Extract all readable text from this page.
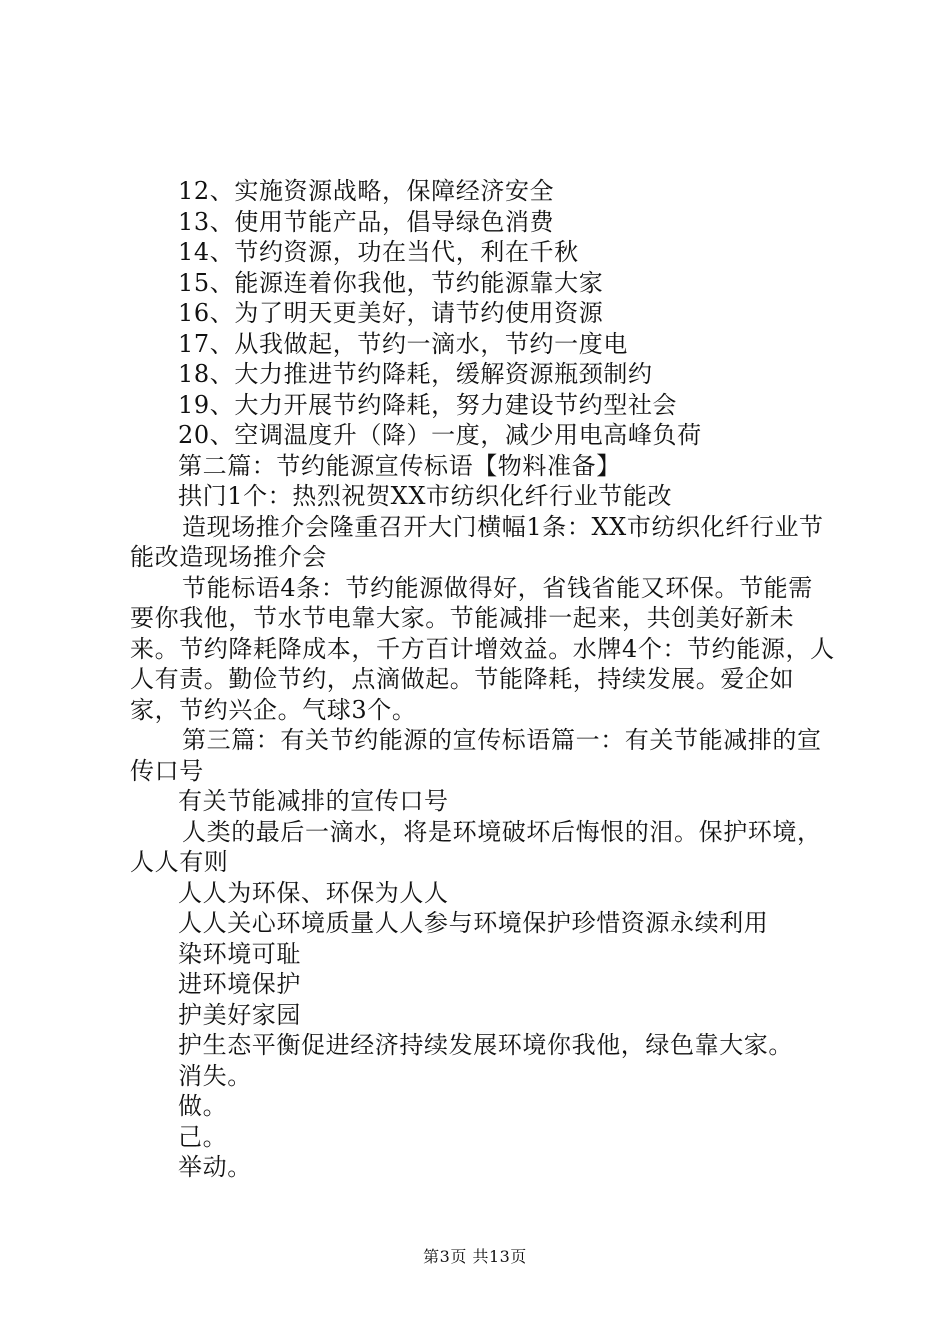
12、实施资源战略，保障经济安全

13、使用节能产品，倡导绿色消费

14、节约资源，功在当代，利在千秋

15、能源连着你我他，节约能源靠大家

16、为了明天更美好，请节约使用资源

17、从我做起，节约一滴水，节约一度电

18、大力推进节约降耗，缓解资源瓶颈制约

19、大力开展节约降耗，努力建设节约型社会

20、空调温度升（降）一度，减少用电高峰负荷

第二篇：节约能源宣传标语【物料准备】

拱门1个：热烈祝贺XX市纺织化纤行业节能改

造现场推介会隆重召开大门横幅1条：XX市纺织化纤行业节能改造现场推介会

节能标语4条：节约能源做得好，省钱省能又环保。节能需要你我他，节水节电靠大家。节能减排一起来，共创美好新未来。节约降耗降成本，千方百计增效益。水牌4个：节约能源，人人有责。勤俭节约，点滴做起。节能降耗，持续发展。爱企如家，节约兴企。气球3个。

第三篇：有关节约能源的宣传标语篇一：有关节能减排的宣传口号

有关节能减排的宣传口号

人类的最后一滴水，将是环境破坏后悔恨的泪。保护环境，人人有则

人人为环保、环保为人人

人人关心环境质量人人参与环境保护珍惜资源永续利用

染环境可耻

进环境保护

护美好家园

护生态平衡促进经济持续发展环境你我他，绿色靠大家。

消失。

做。

己。

举动。

第3页 共13页
